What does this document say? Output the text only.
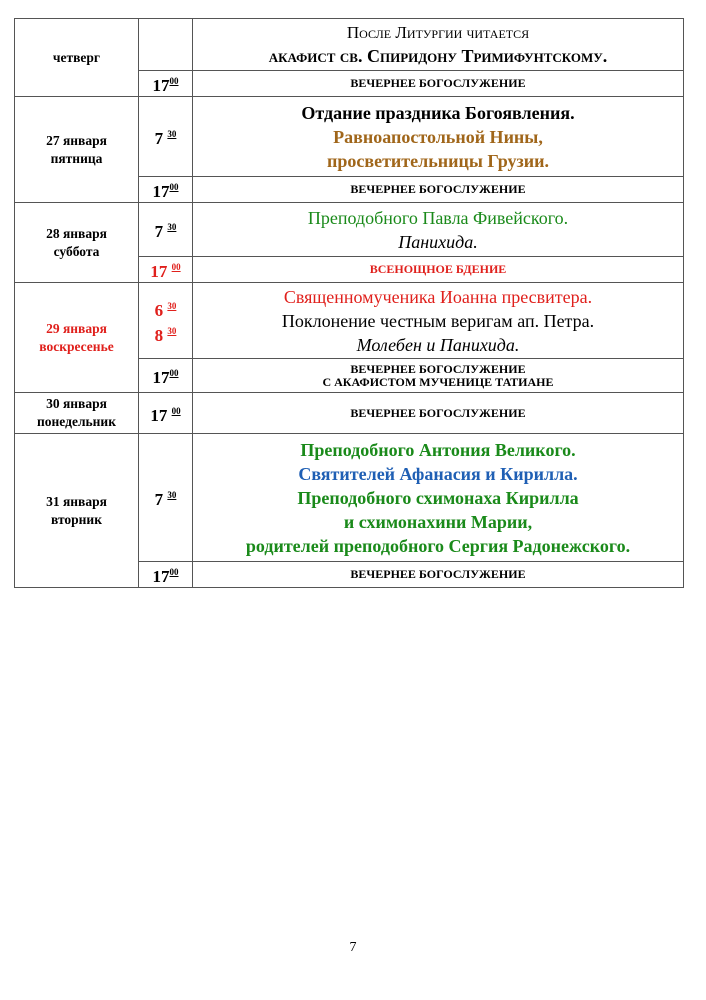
четверг		После Литургии читается
акафист св. Спиридону Тримифунтскому.

	$17^{00}$	ВЕЧЕРНЕЕ БОГОСЛУЖЕНИЕ

27 января
пятница	7 $^{30}$	Отдание праздника Богоявления.
Равноапостольной Нины,
просветительницы Грузии.

	$17^{00}$	ВЕЧЕРНЕЕ БОГОСЛУЖЕНИЕ

28 января
суббота	7 $^{30}$	Преподобного Павла Фивейского.
Панихида.

	17 $^{00}$	ВСЕНОЩНОЕ БДЕНИЕ

29 января
воскресенье	6 $^{30}$
8 $^{30}$	Священномученика Иоанна пресвитера.
Поклонение честным веригам ап. Петра.
Молебен и Панихида.

	$17^{00}$	ВЕЧЕРНЕЕ БОГОСЛУЖЕНИЕ
С АКАФИСТОМ МУЧЕНИЦЕ ТАТИАНЕ

30 января
понедельник	17 $^{00}$	ВЕЧЕРНЕЕ БОГОСЛУЖЕНИЕ

31 января
вторник	7 $^{30}$	Преподобного Антония Великого.
Святителей Афанасия и Кирилла.
Преподобного схимонаха Кирилла
и схимонахини Марии,
родителей преподобного Сергия Радонежского.

	$17^{00}$	ВЕЧЕРНЕЕ БОГОСЛУЖЕНИЕ
7
